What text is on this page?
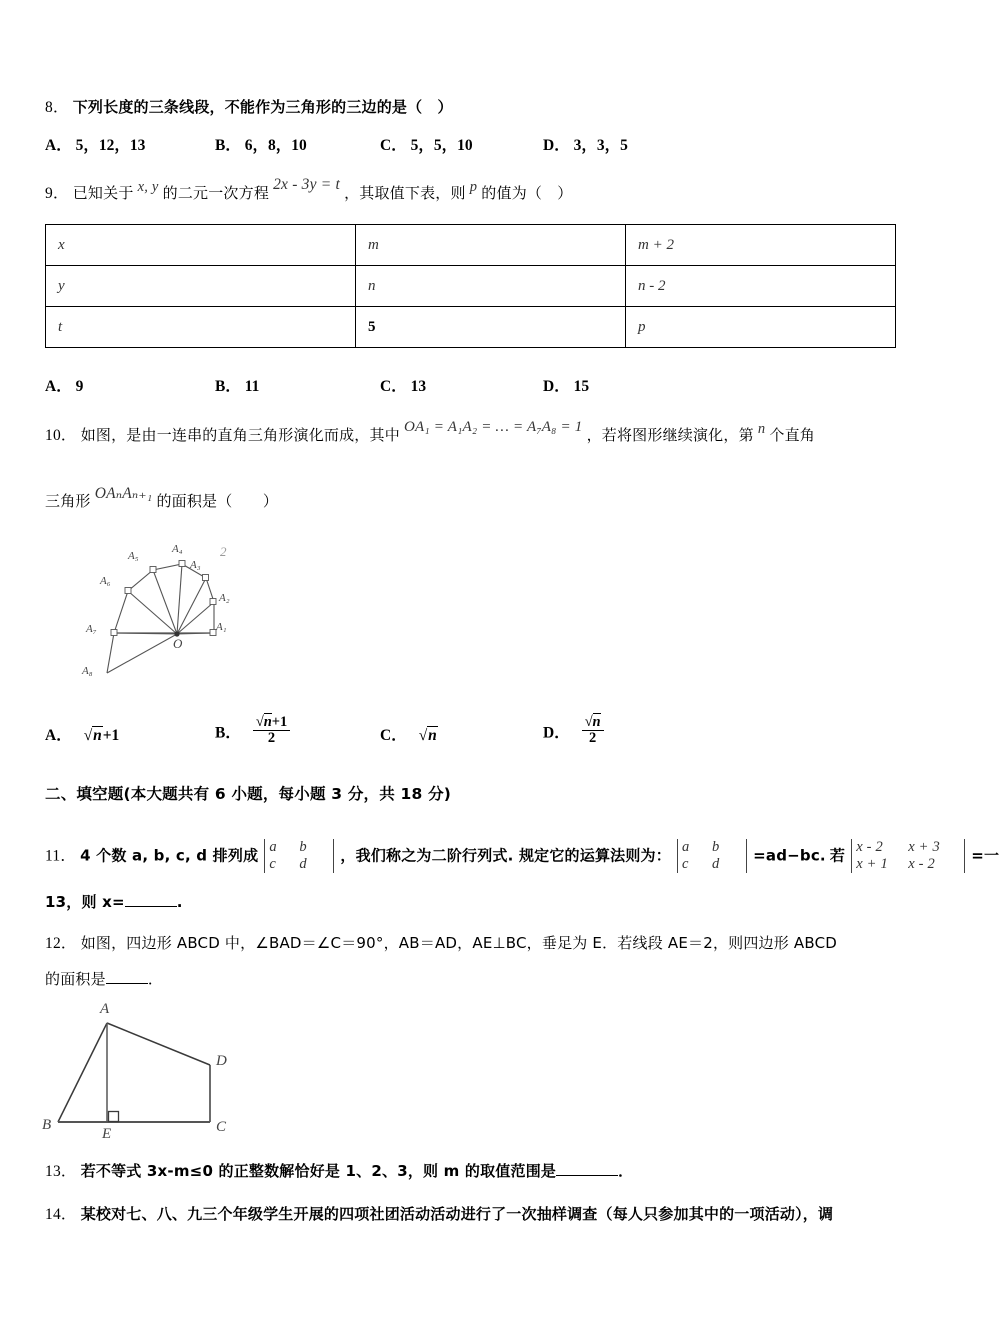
8． 下列长度的三条线段，不能作为三角形的三边的是（　）
A． 5，12，13	B． 6，8，10	C． 5，5，10	D． 3，3，5
9． 已知关于 x, y 的二元一次方程 2x - 3y = t ，其取值下表，则 p 的值为（　）
x	m	m + 2
y	n	n - 2
t	5	p
A． 9	B． 11	C． 13	D． 15
10． 如图，是由一连串的直角三角形演化而成，其中 OA₁ = A₁A₂ = … = A₇A₈ = 1 ，若将图形继续演化，第 n 个直角
三角形 OAₙAₙ₊₁ 的面积是（　　）
A₁
A₂
A₃
A₄
A₅
A₆
A₇
A₈
O
2
A． √n+1	B． $\frac{√n+1}{2}$	C． √n	D． $\frac{√n}{2}$
二、填空题(本大题共有 6 小题，每小题 3 分，共 18 分)
11． 4 个数 a, b, c, d 排列成 a b
c d	，我们称之为二阶行列式. 规定它的运算法则为： a b
c d	=ad−bc. 若 x - 2 x + 3
x + 1 x - 2	=一
13，则 x=	.
12． 如图，四边形 ABCD 中，∠BAD＝∠C＝90°，AB＝AD，AE⊥BC，垂足为 E．若线段 AE＝2，则四边形 ABCD
的面积是	．
A
B	C
D
E
13． 若不等式 3x-m≤0 的正整数解恰好是 1、2、3，则 m 的取值范围是	．
14． 某校对七、八、九三个年级学生开展的四项社团活动活动进行了一次抽样调查（每人只参加其中的一项活动），调
